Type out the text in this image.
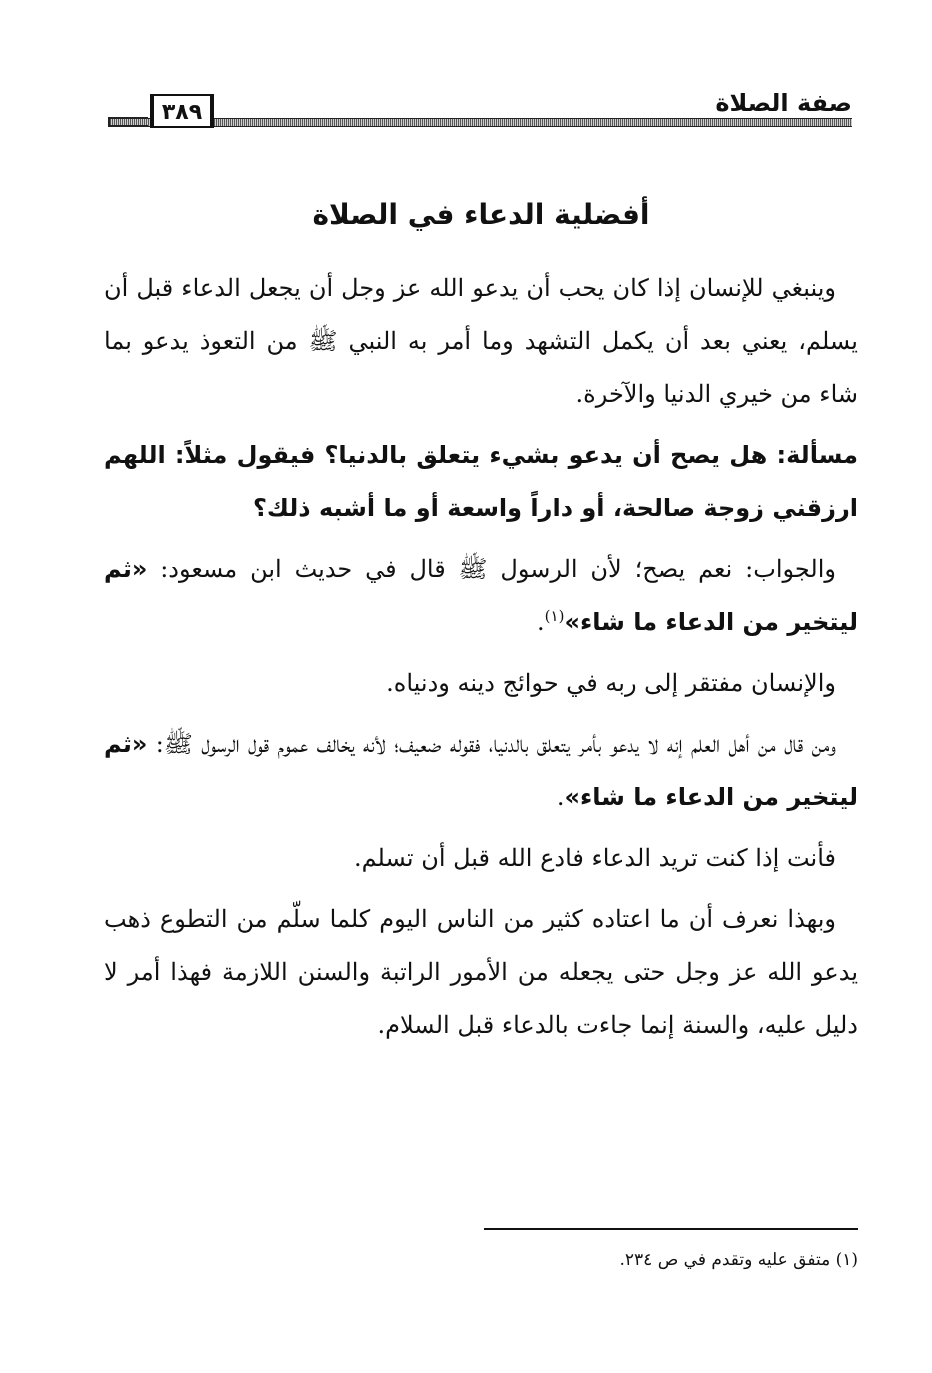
٣٨٩	صفة الصلاة
أفضلية الدعاء في الصلاة

وينبغي للإنسان إذا كان يحب أن يدعو الله عز وجل أن يجعل الدعاء قبل أن يسلم، يعني بعد أن يكمل التشهد وما أمر به النبي ﷺ من التعوذ يدعو بما شاء من خيري الدنيا والآخرة.

مسألة: هل يصح أن يدعو بشيء يتعلق بالدنيا؟ فيقول مثلاً: اللهم ارزقني زوجة صالحة، أو داراً واسعة أو ما أشبه ذلك؟

والجواب: نعم يصح؛ لأن الرسول ﷺ قال في حديث ابن مسعود: «ثم ليتخير من الدعاء ما شاء»$^{(١)}$.

والإنسان مفتقر إلى ربه في حوائج دينه ودنياه.

ومن قال من أهل العلم إنه لا يدعو بأمر يتعلق بالدنيا، فقوله ضعيف؛ لأنه يخالف عموم قول الرسول ﷺ: «ثم ليتخير من الدعاء ما شاء».

فأنت إذا كنت تريد الدعاء فادع الله قبل أن تسلم.

وبهذا نعرف أن ما اعتاده كثير من الناس اليوم كلما سلّم من التطوع ذهب يدعو الله عز وجل حتى يجعله من الأمور الراتبة والسنن اللازمة فهذا أمر لا دليل عليه، والسنة إنما جاءت بالدعاء قبل السلام.

(١) متفق عليه وتقدم في ص ٢٣٤.
